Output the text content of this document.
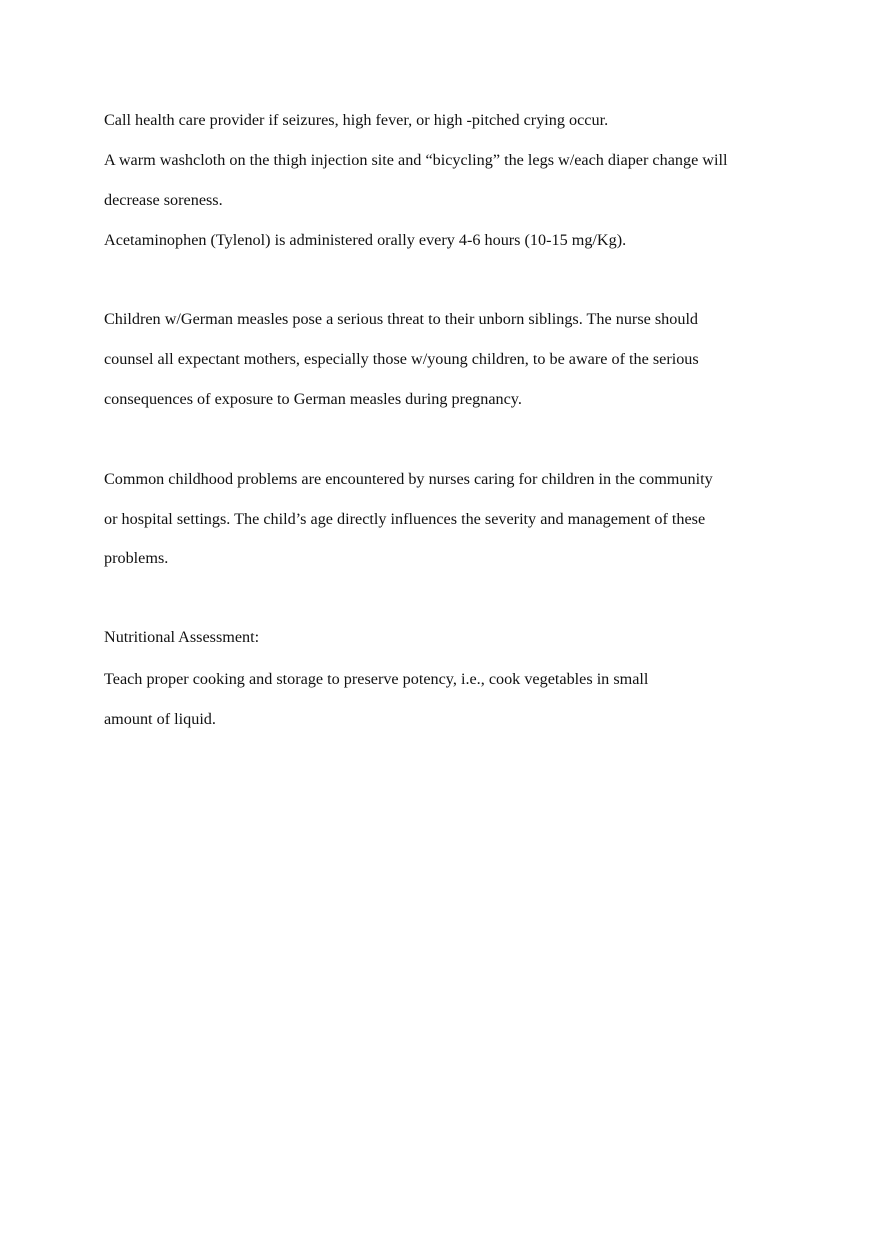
Call health care provider if seizures, high fever, or high -pitched crying occur.
A warm washcloth on the thigh injection site and “bicycling” the legs w/each diaper change will
decrease soreness.
Acetaminophen (Tylenol) is administered orally every 4-6 hours (10-15 mg/Kg).
Children w/German measles pose a serious threat to their unborn siblings. The nurse should
counsel all expectant mothers, especially those w/young children, to be aware of the serious
consequences of exposure to German measles during pregnancy.
Common childhood problems are encountered by nurses caring for children in the community
or hospital settings. The child’s age directly influences the severity and management of these
problems.
Nutritional Assessment:
Teach proper cooking and storage to preserve potency, i.e., cook vegetables in small
amount of liquid.
